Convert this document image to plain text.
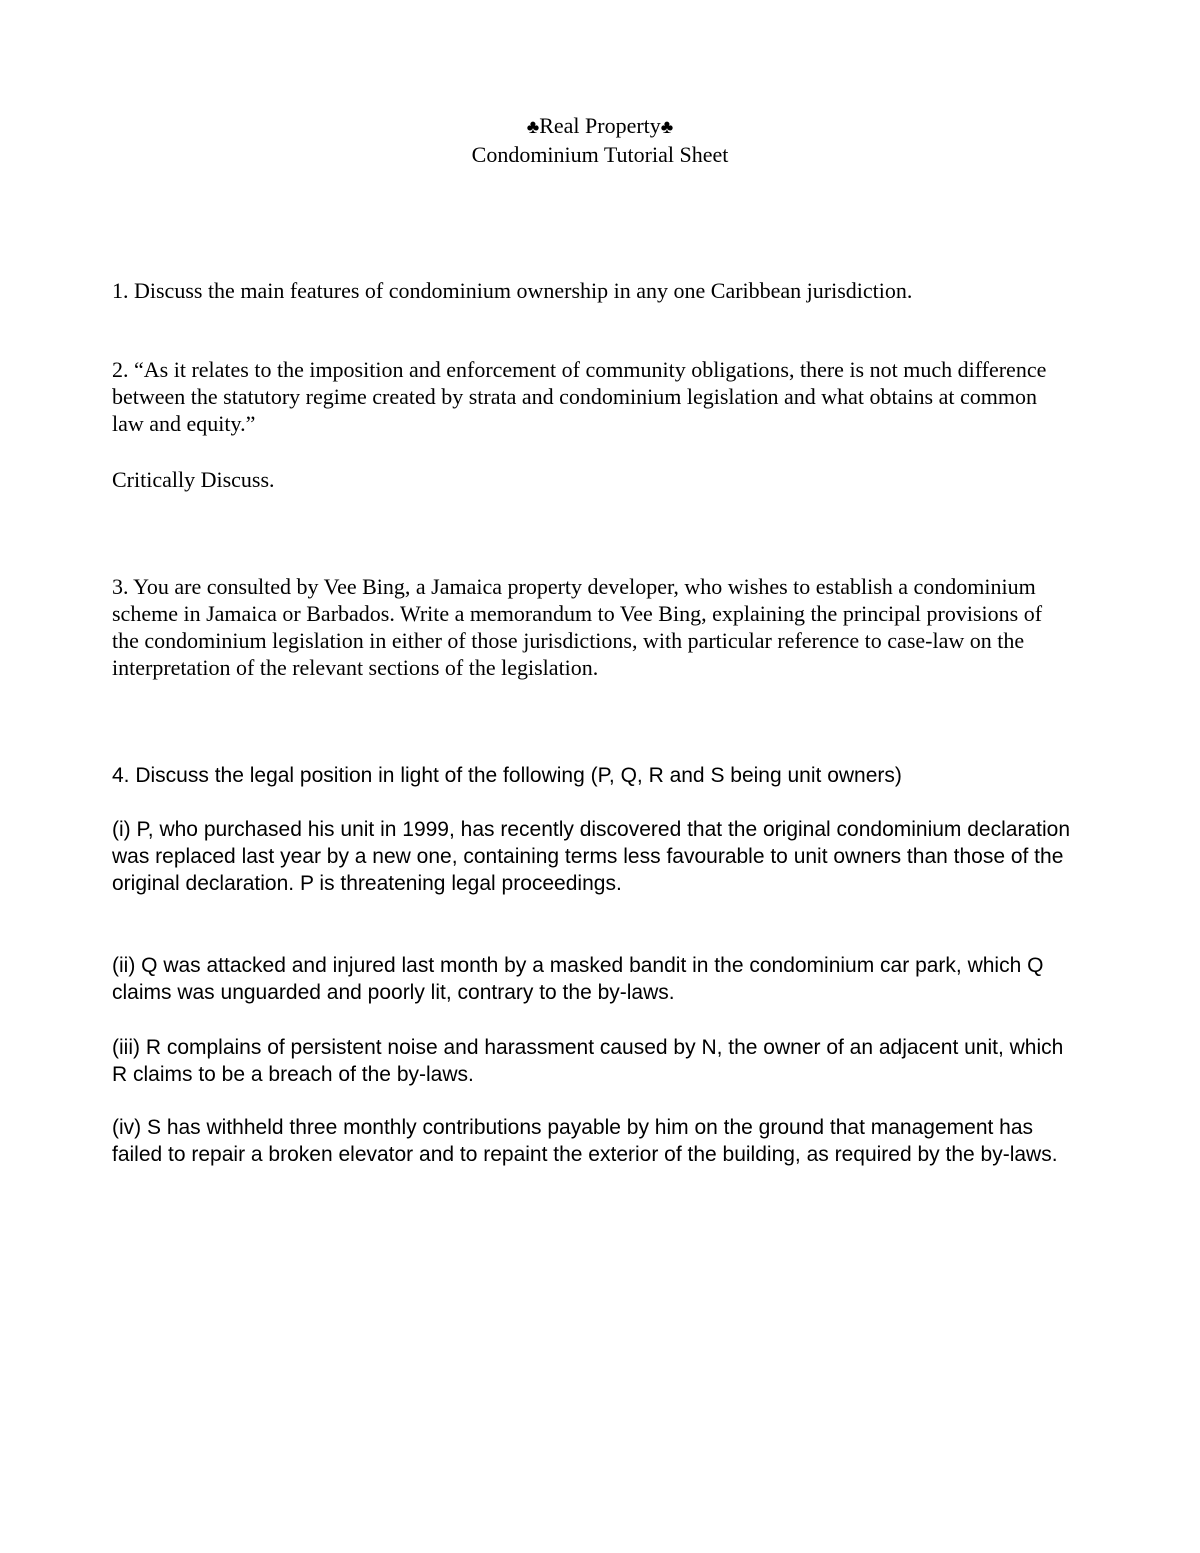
♣Real Property♣
Condominium Tutorial Sheet

1. Discuss the main features of condominium ownership in any one Caribbean jurisdiction.

2. “As it relates to the imposition and enforcement of community obligations, there is not much difference between the statutory regime created by strata and condominium legislation and what obtains at common law and equity.”

Critically Discuss.

3. You are consulted by Vee Bing, a Jamaica property developer, who wishes to establish a condominium scheme in Jamaica or Barbados. Write a memorandum to Vee Bing, explaining the principal provisions of the condominium legislation in either of those jurisdictions, with particular reference to case-law on the interpretation of the relevant sections of the legislation.

4. Discuss the legal position in light of the following (P, Q, R and S being unit owners)

(i) P, who purchased his unit in 1999, has recently discovered that the original condominium declaration was replaced last year by a new one, containing terms less favourable to unit owners than those of the original declaration. P is threatening legal proceedings.

(ii) Q was attacked and injured last month by a masked bandit in the condominium car park, which Q claims was unguarded and poorly lit, contrary to the by-laws.

(iii) R complains of persistent noise and harassment caused by N, the owner of an adjacent unit, which R claims to be a breach of the by-laws.

(iv) S has withheld three monthly contributions payable by him on the ground that management has failed to repair a broken elevator and to repaint the exterior of the building, as required by the by-laws.
